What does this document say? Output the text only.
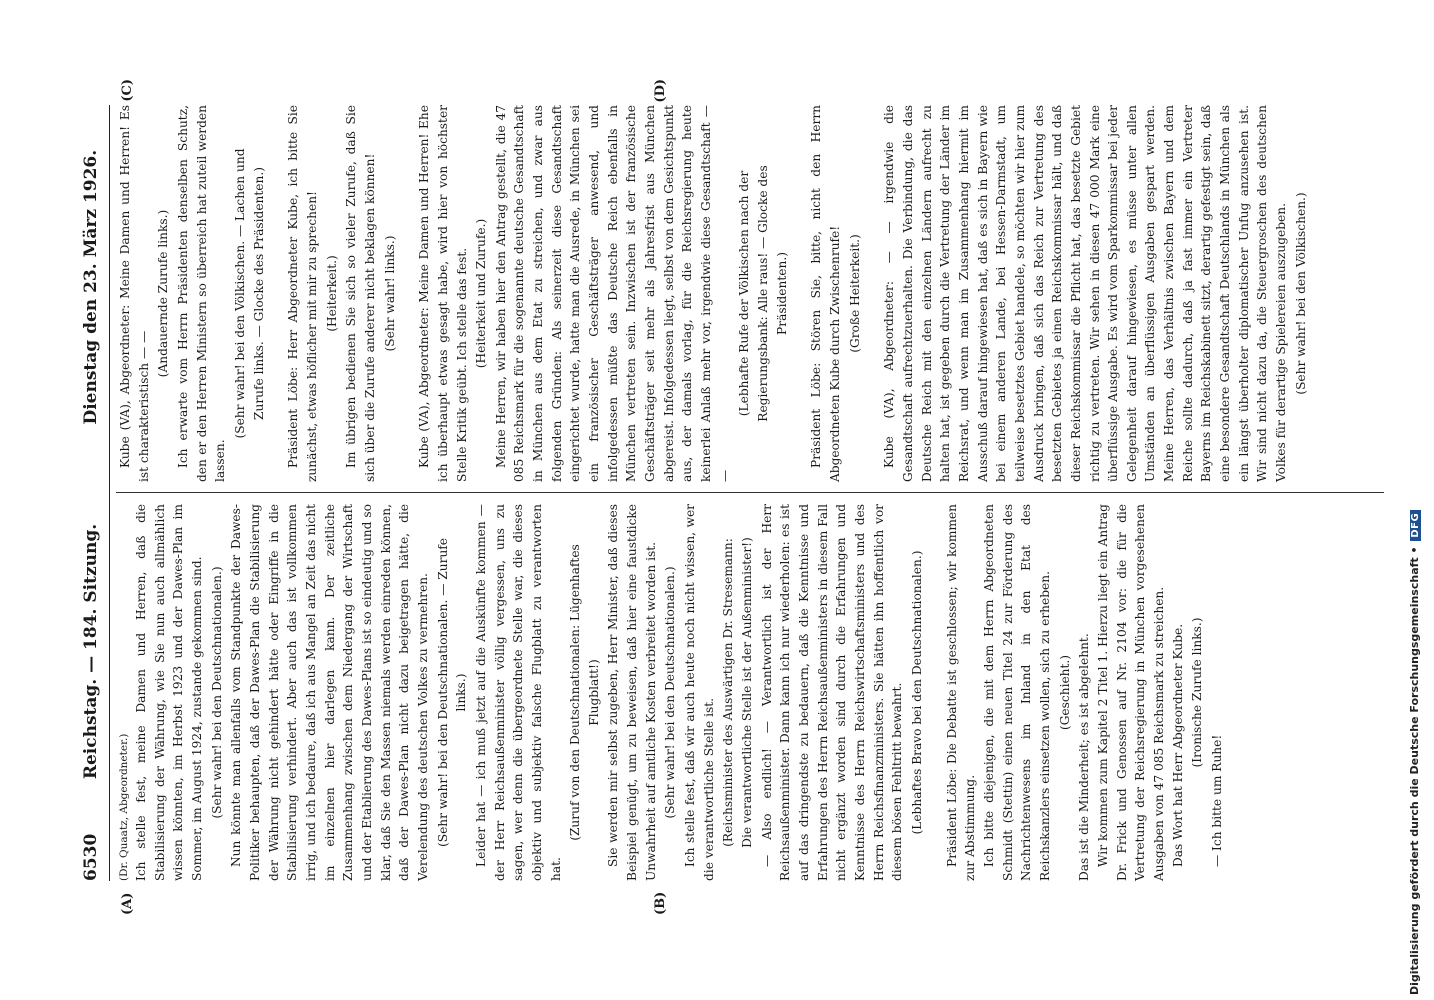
6530
Reichstag. — 184. Sitzung.
Dienstag den 23. März 1926.
(A)	(B)

(Dr. Quaatz, Abgeordneter.) Ich stelle fest, meine Damen und Herren, daß die Stabilisierung der Währung, wie Sie nun auch allmählich wissen könnten, im Herbst 1923 und der Dawes-Plan im Sommer, im August 1924, zustande gekommen sind. (Sehr wahr! bei den Deutschnationalen.) Nun könnte man allenfalls vom Standpunkte der Dawes-Politiker behaupten, daß der Dawes-Plan die Stabilisierung der Währung nicht gehindert hätte oder Eingriffe in die Stabilisierung verhindert. Aber auch das ist vollkommen irrig, und ich bedaure, daß ich aus Mangel an Zeit das nicht im einzelnen hier darlegen kann. Der zeitliche Zusammenhang zwischen dem Niedergang der Wirtschaft und der Etablierung des Dawes-Plans ist so eindeutig und so klar, daß Sie den Massen niemals werden einreden können, daß der Dawes-Plan nicht dazu beigetragen hätte, die Verelendung des deutschen Volkes zu vermehren. (Sehr wahr! bei den Deutschnationalen. — Zurufe links.) Leider hat — ich muß jetzt auf die Auskünfte kommen — der Herr Reichsaußenminister völlig vergessen, uns zu sagen, wer denn die übergeordnete Stelle war, die dieses objektiv und subjektiv falsche Flugblatt zu verantworten hat.

(Zuruf von den Deutschnationalen: Lügenhaftes Flugblatt!) Sie werden mir selbst zugeben, Herr Minister, daß dieses Beispiel genügt, um zu beweisen, daß hier eine faustdicke Unwahrheit auf amtliche Kosten verbreitet worden ist. (Sehr wahr! bei den Deutschnationalen.) Ich stelle fest, daß wir auch heute noch nicht wissen, wer die verantwortliche Stelle ist. (Reichsminister des Auswärtigen Dr. Stresemann: Die verantwortliche Stelle ist der Außenminister!) — Also endlich! — Verantwortlich ist der Herr Reichsaußenminister. Dann kann ich nur wiederholen: es ist auf das dringendste zu bedauern, daß die Kenntnisse und Erfahrungen des Herrn Reichsaußenministers in diesem Fall nicht ergänzt worden sind durch die Erfahrungen und Kenntnisse des Herrn Reichswirtschaftsministers und des Herrn Reichsfinanzministers. Sie hätten ihn hoffentlich vor diesem bösen Fehltritt bewahrt. (Lebhaftes Bravo bei den Deutschnationalen.) Präsident Löbe: Die Debatte ist geschlossen; wir kommen zur Abstimmung. Ich bitte diejenigen, die mit dem Herrn Abgeordneten Schmidt (Stettin) einen neuen Titel 24 zur Förderung des Nachrichtenwesens im Inland in den Etat des Reichskanzlers einsetzen wollen, sich zu erheben. (Geschieht.) Das ist die Minderheit; es ist abgelehnt. Wir kommen zum Kapitel 2 Titel 1. Hierzu liegt ein Antrag Dr. Frick und Genossen auf Nr. 2104 vor: die für die Vertretung der Reichsregierung in München vorgesehenen Ausgaben von 47 085 Reichsmark zu streichen. Das Wort hat Herr Abgeordneter Kube. (Ironische Zurufe links.)

— Ich bitte um Ruhe!

(C)	(D)

Kube (VA), Abgeordneter: Meine Damen und Herren! Es ist charakteristisch — —

(Andauernde Zurufe links.) Ich erwarte vom Herrn Präsidenten denselben Schutz, den er den Herren Ministern so überreich hat zuteil werden lassen.

(Sehr wahr! bei den Völkischen. — Lachen und Zurufe links. — Glocke des Präsidenten.) Präsident Löbe: Herr Abgeordneter Kube, ich bitte Sie zunächst, etwas höflicher mit mir zu sprechen! (Heiterkeit.) Im übrigen bedienen Sie sich so vieler Zurufe, daß Sie sich über die Zurufe anderer nicht beklagen können! (Sehr wahr! links.) Kube (VA), Abgeordneter: Meine Damen und Herren! Ehe ich überhaupt etwas gesagt habe, wird hier von höchster Stelle Kritik geübt. Ich stelle das fest. (Heiterkeit und Zurufe.) Meine Herren, wir haben hier den Antrag gestellt, die 47 085 Reichsmark für die sogenannte deutsche Gesandtschaft in München aus dem Etat zu streichen, und zwar aus folgenden Gründen: Als seinerzeit diese Gesandtschaft eingerichtet wurde, hatte man die Ausrede, in München sei ein französischer Geschäftsträger anwesend, und infolgedessen müßte das Deutsche Reich ebenfalls in München vertreten sein. Inzwischen ist der französische Geschäftsträger seit mehr als Jahresfrist aus München abgereist. Infolgedessen liegt, selbst von dem Gesichtspunkt aus, der damals vorlag, für die Reichsregierung heute keinerlei Anlaß mehr vor, irgendwie diese Gesandtschaft — —

(Lebhafte Rufe der Völkischen nach der Regierungsbank: Alle raus! — Glocke des Präsidenten.) Präsident Löbe: Stören Sie, bitte, nicht den Herrn Abgeordneten Kube durch Zwischenrufe! (Große Heiterkeit.) Kube (VA), Abgeordneter: — — irgendwie die Gesandtschaft aufrechtzuerhalten. Die Verbindung, die das Deutsche Reich mit den einzelnen Ländern aufrecht zu halten hat, ist gegeben durch die Vertretung der Länder im Reichsrat, und wenn man im Zusammenhang hiermit im Ausschuß darauf hingewiesen hat, daß es sich in Bayern wie bei einem anderen Lande, bei Hessen-Darmstadt, um teilweise besetztes Gebiet handele, so möchten wir hier zum Ausdruck bringen, daß sich das Reich zur Vertretung des besetzten Gebietes ja einen Reichskommissar hält, und daß dieser Reichskommissar die Pflicht hat, das besetzte Gebiet richtig zu vertreten. Wir sehen in diesen 47 000 Mark eine überflüssige Ausgabe. Es wird vom Sparkommissar bei jeder Gelegenheit darauf hingewiesen, es müsse unter allen Umständen an überflüssigen Ausgaben gespart werden. Meine Herren, das Verhältnis zwischen Bayern und dem Reiche sollte dadurch, daß ja fast immer ein Vertreter Bayerns im Reichskabinett sitzt, derartig gefestigt sein, daß eine besondere Gesandtschaft Deutschlands in München als ein längst überholter diplomatischer Unfug anzusehen ist. Wir sind nicht dazu da, die Steuergroschen des deutschen Volkes für derartige Spielereien auszugeben. (Sehr wahr! bei den Völkischen.)

Digitalisierung gefördert durch die Deutsche Forschungsgemeinschaft • DFG
